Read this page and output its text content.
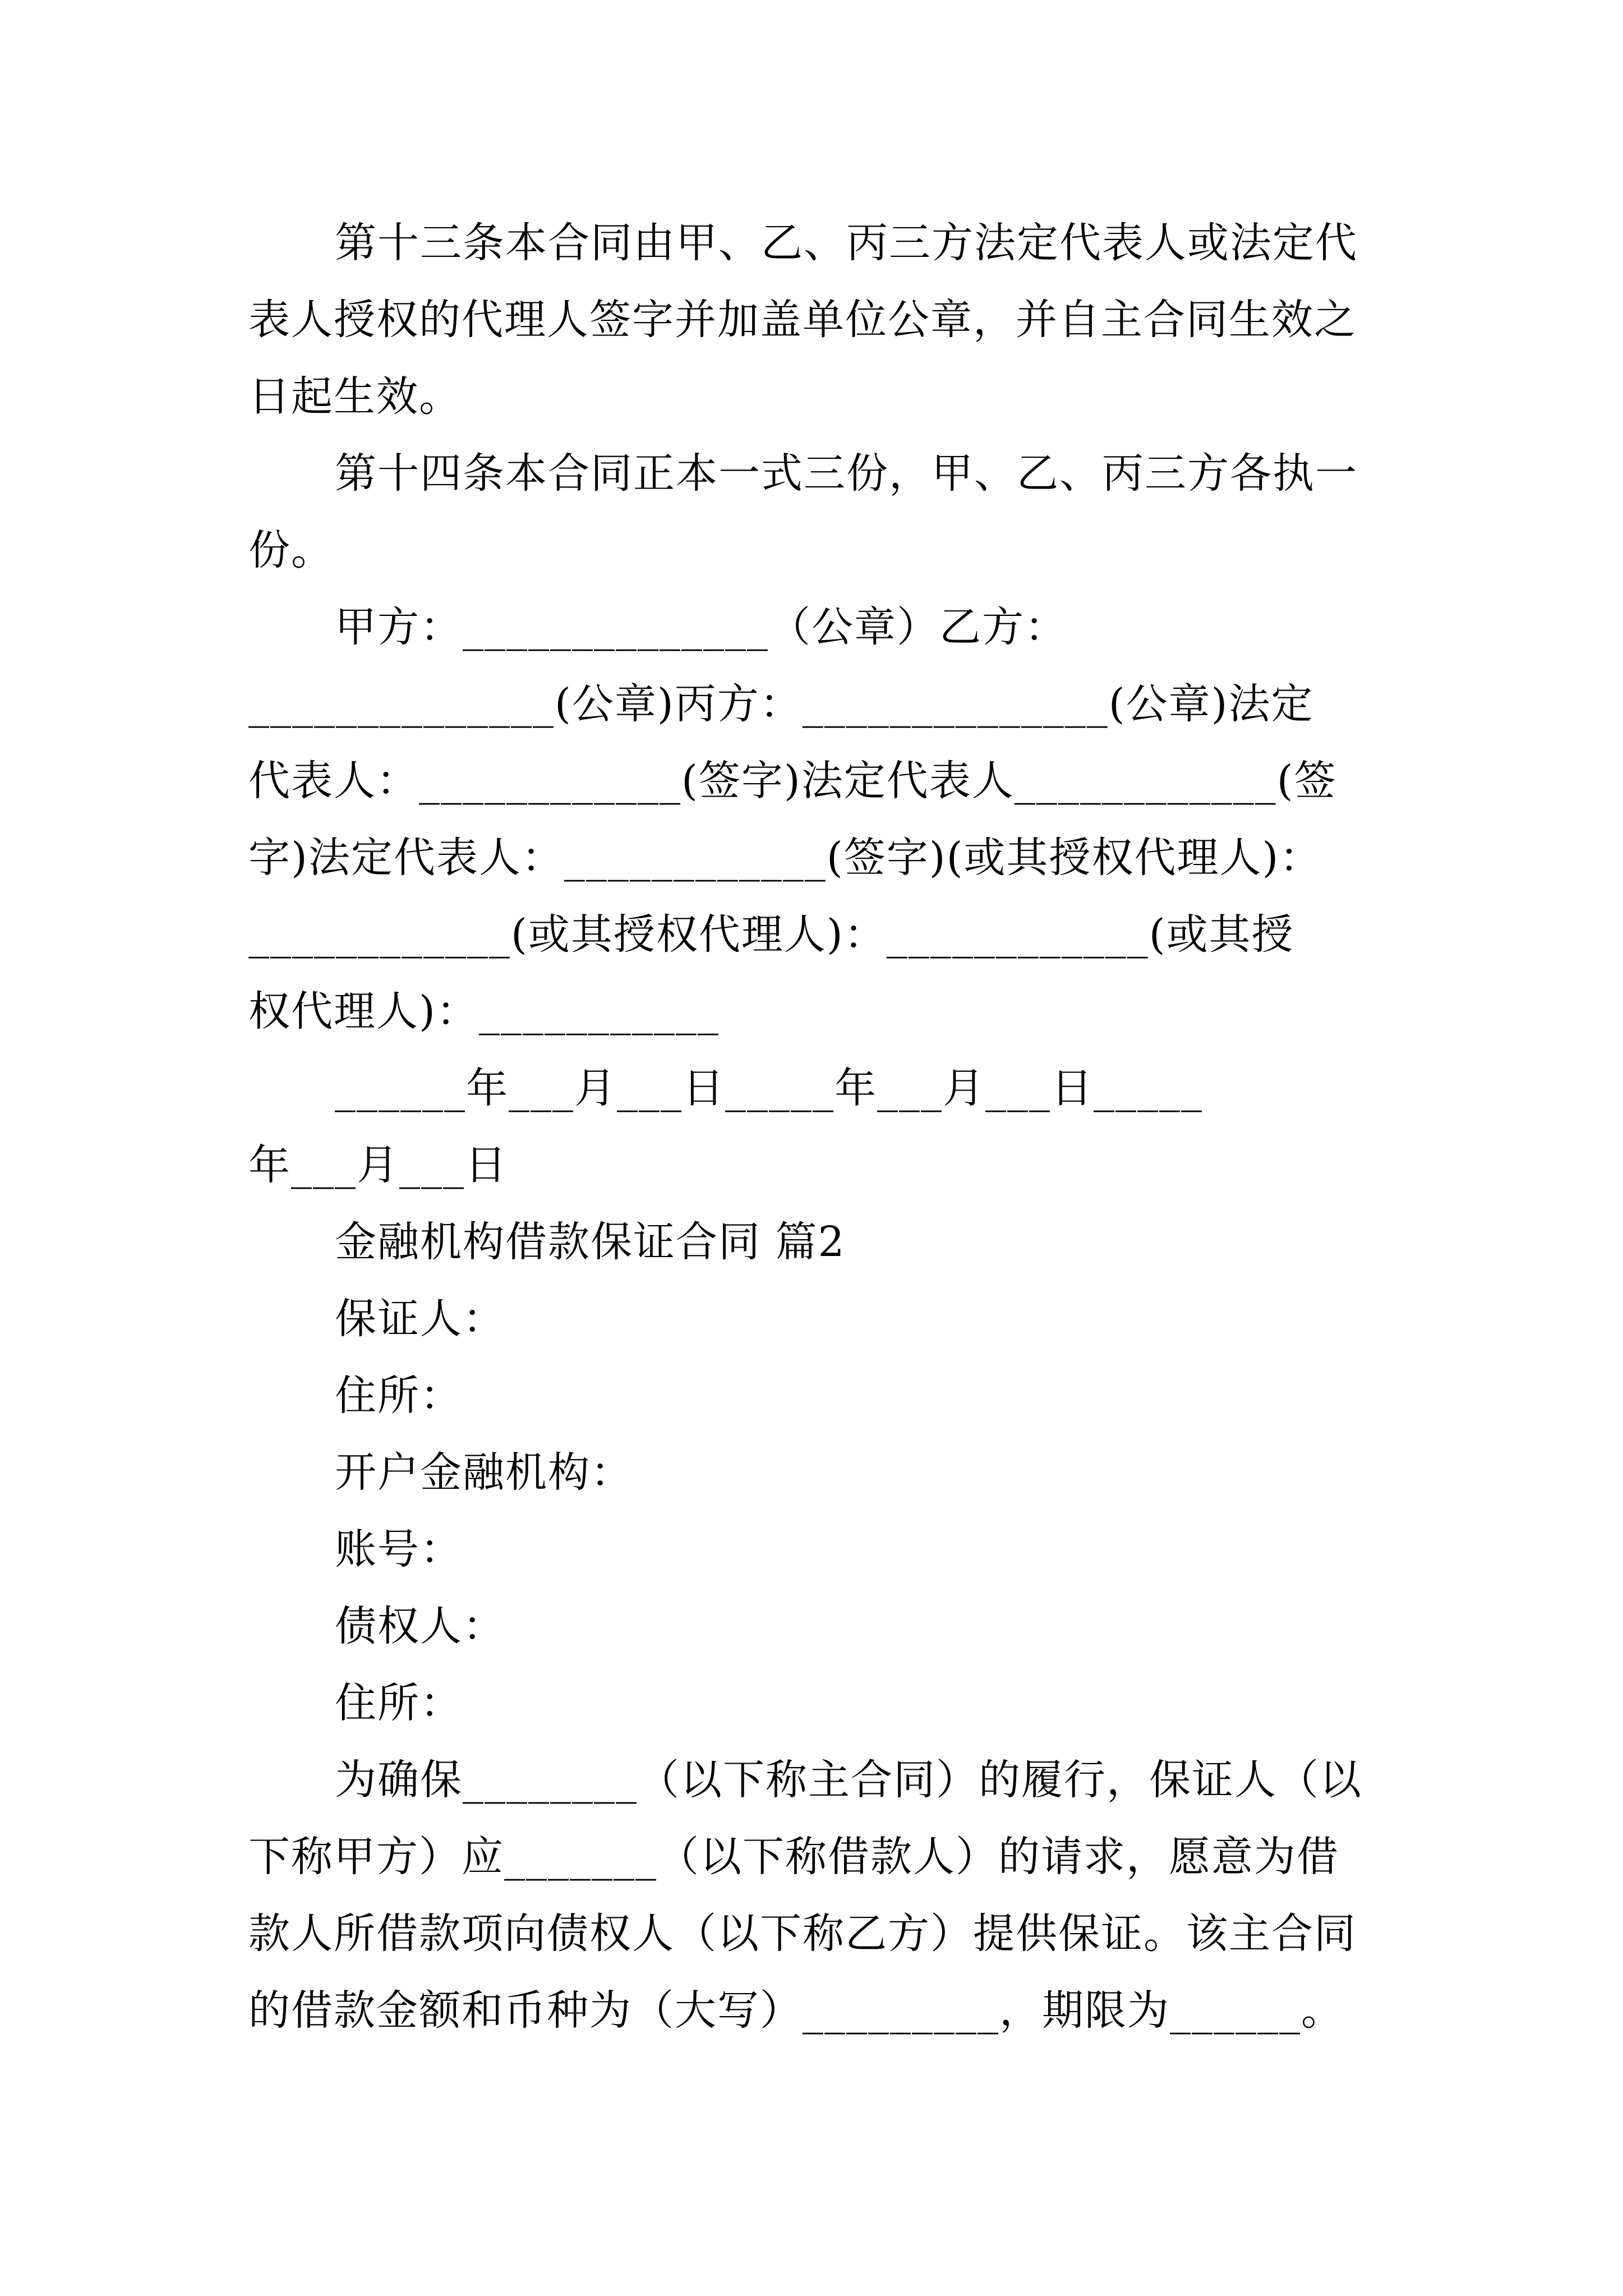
第十三条本合同由甲、乙、丙三方法定代表人或法定代
表人授权的代理人签字并加盖单位公章，并自主合同生效之
日起生效。
第十四条本合同正本一式三份，甲、乙、丙三方各执一
份。
甲方：______________（公章）乙方：
______________(公章)丙方：______________(公章)法定
代表人：____________(签字)法定代表人____________(签
字)法定代表人：____________(签字)(或其授权代理人)：
____________(或其授权代理人)：____________(或其授
权代理人)：___________
______年___月___日_____年___月___日_____
年___月___日
金融机构借款保证合同 篇2
保证人：
住所：
开户金融机构：
账号：
债权人：
住所：
为确保________（以下称主合同）的履行，保证人（以
下称甲方）应_______（以下称借款人）的请求，愿意为借
款人所借款项向债权人（以下称乙方）提供保证。该主合同
的借款金额和币种为（大写）_________，期限为______。
